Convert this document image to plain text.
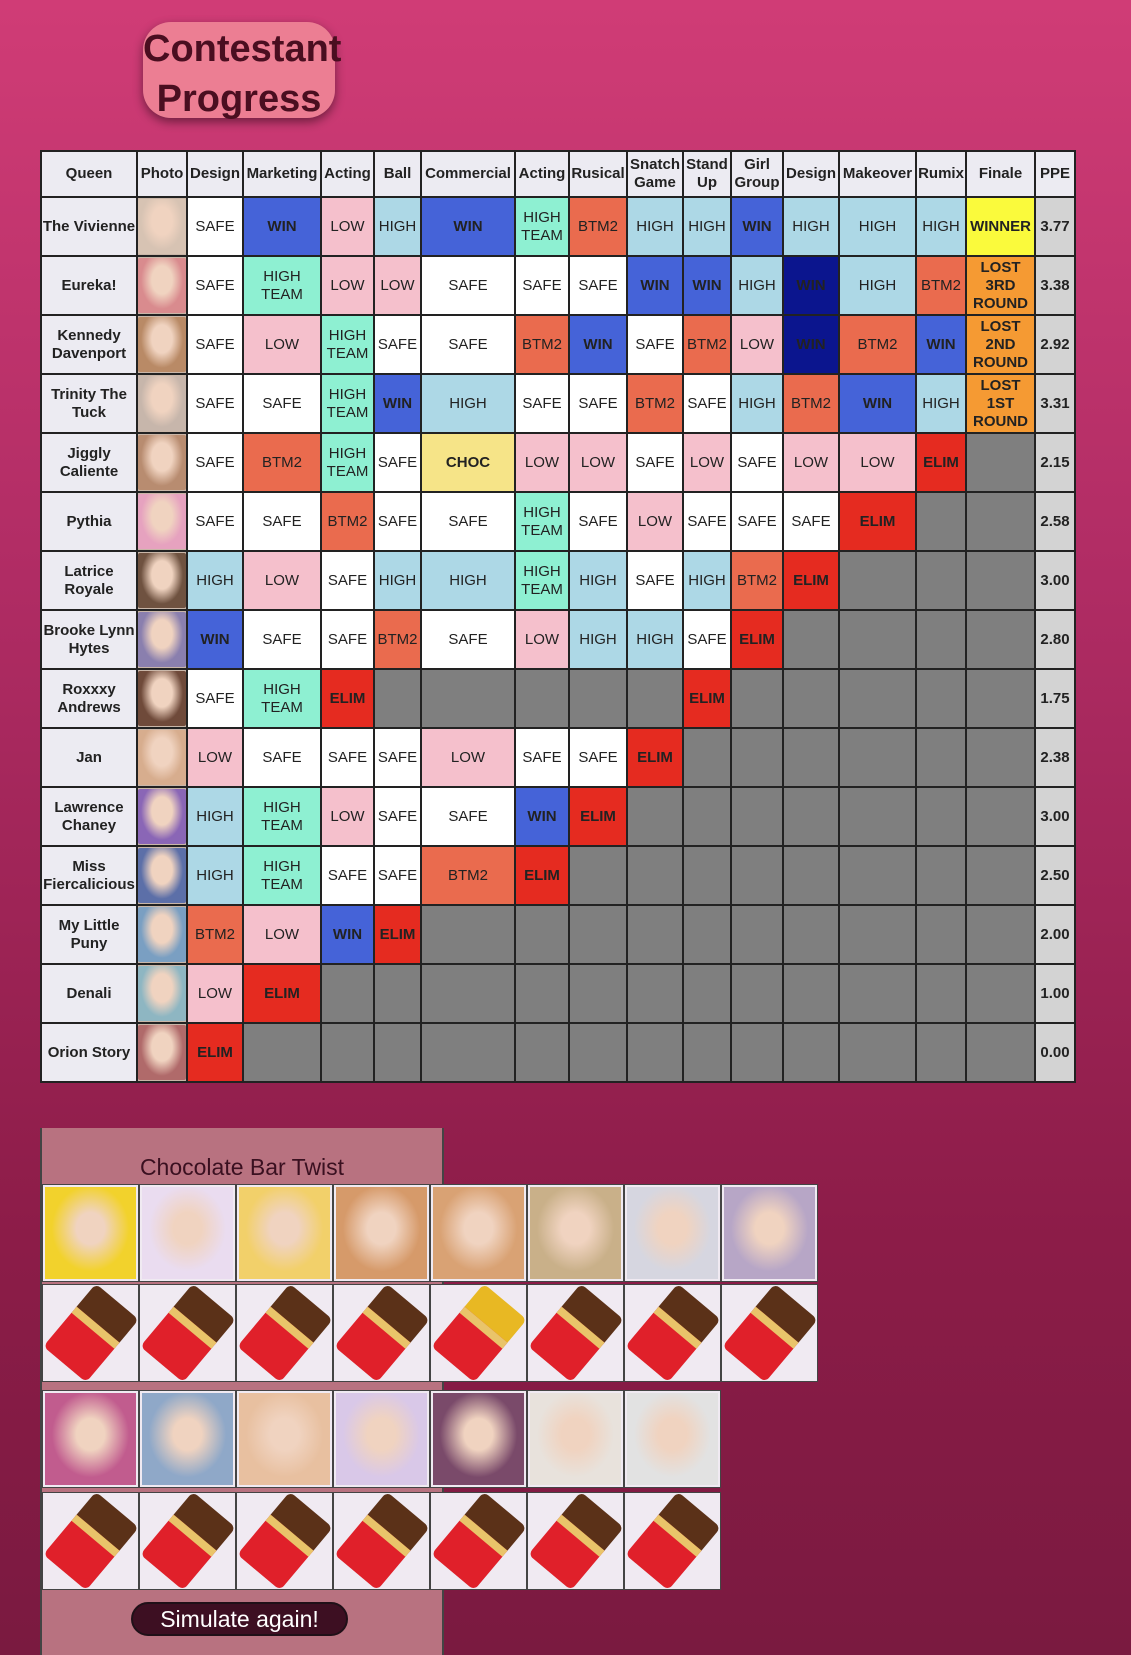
Contestant
Progress
Queen	Photo	Design	Marketing	Acting	Ball	Commercial	Acting	Rusical	Snatch Game	Stand Up	Girl Group	Design	Makeover	Rumix	Finale	PPE
The Vivienne		SAFE	WIN	LOW	HIGH	WIN	HIGH TEAM	BTM2	HIGH	HIGH	WIN	HIGH	HIGH	HIGH	WINNER	3.77
Eureka!		SAFE	HIGH TEAM	LOW	LOW	SAFE	SAFE	SAFE	WIN	WIN	HIGH	WIN	HIGH	BTM2	LOST 3RD ROUND	3.38
Kennedy Davenport		SAFE	LOW	HIGH TEAM	SAFE	SAFE	BTM2	WIN	SAFE	BTM2	LOW	WIN	BTM2	WIN	LOST 2ND ROUND	2.92
Trinity The Tuck		SAFE	SAFE	HIGH TEAM	WIN	HIGH	SAFE	SAFE	BTM2	SAFE	HIGH	BTM2	WIN	HIGH	LOST 1ST ROUND	3.31
Jiggly Caliente		SAFE	BTM2	HIGH TEAM	SAFE	CHOC	LOW	LOW	SAFE	LOW	SAFE	LOW	LOW	ELIM		2.15
Pythia		SAFE	SAFE	BTM2	SAFE	SAFE	HIGH TEAM	SAFE	LOW	SAFE	SAFE	SAFE	ELIM			2.58
Latrice Royale		HIGH	LOW	SAFE	HIGH	HIGH	HIGH TEAM	HIGH	SAFE	HIGH	BTM2	ELIM				3.00
Brooke Lynn Hytes		WIN	SAFE	SAFE	BTM2	SAFE	LOW	HIGH	HIGH	SAFE	ELIM					2.80
Roxxxy Andrews		SAFE	HIGH TEAM	ELIM						ELIM						1.75
Jan		LOW	SAFE	SAFE	SAFE	LOW	SAFE	SAFE	ELIM							2.38
Lawrence Chaney		HIGH	HIGH TEAM	LOW	SAFE	SAFE	WIN	ELIM								3.00
Miss Fiercalicious		HIGH	HIGH TEAM	SAFE	SAFE	BTM2	ELIM									2.50
My Little Puny		BTM2	LOW	WIN	ELIM											2.00
Denali		LOW	ELIM													1.00
Orion Story		ELIM														0.00
Chocolate Bar Twist
Simulate again!
